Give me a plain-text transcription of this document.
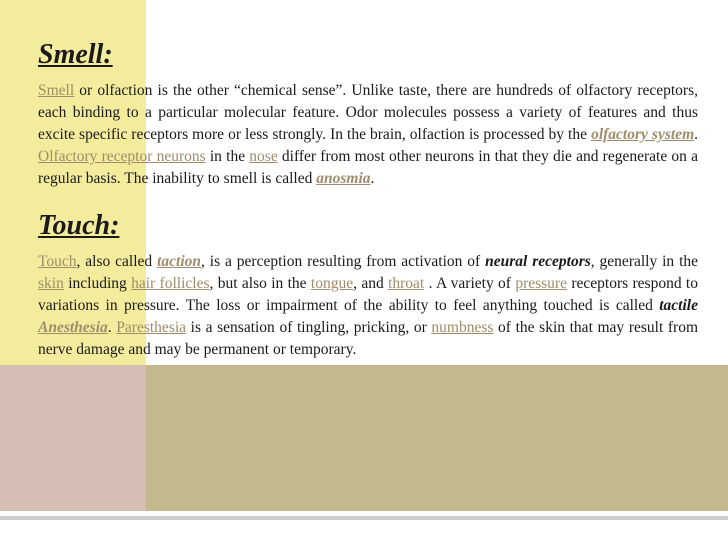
Smell:

Smell or olfaction is the other “chemical sense”. Unlike taste, there are hundreds of olfactory receptors, each binding to a particular molecular feature. Odor molecules possess a variety of features and thus excite specific receptors more or less strongly. In the brain, olfaction is processed by the olfactory system. Olfactory receptor neurons in the nose differ from most other neurons in that they die and regenerate on a regular basis. The inability to smell is called anosmia.

Touch:

Touch, also called taction, is a perception resulting from activation of neural receptors, generally in the skin including hair follicles, but also in the tongue, and throat . A variety of pressure receptors respond to variations in pressure. The loss or impairment of the ability to feel anything touched is called tactile Anesthesia. Paresthesia is a sensation of tingling, pricking, or numbness of the skin that may result from nerve damage and may be permanent or temporary.
